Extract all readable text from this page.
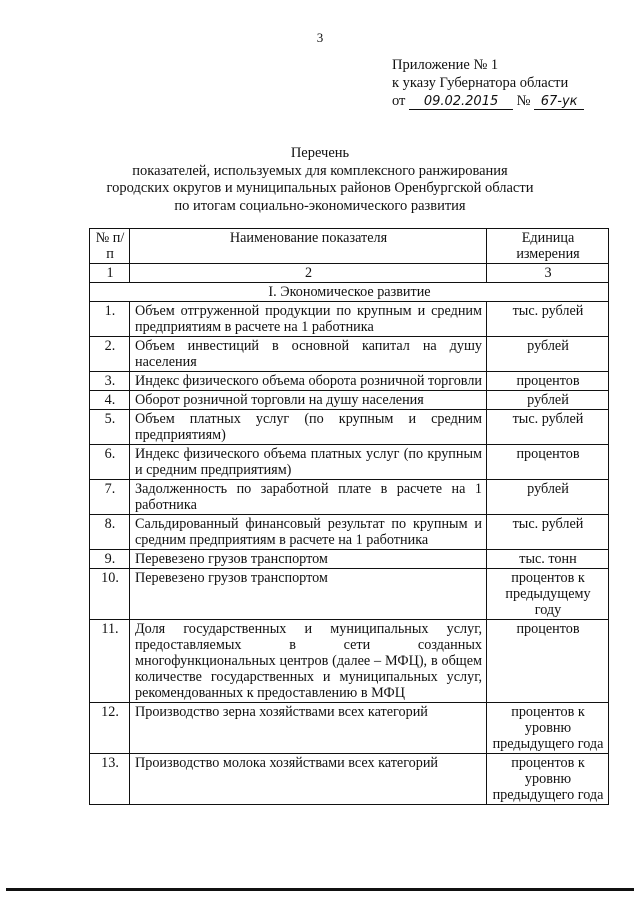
3
Приложение № 1
к указу Губернатора области
от 09.02.2015 № 67-ук
Перечень
показателей, используемых для комплексного ранжирования
городских округов и муниципальных районов Оренбургской области
по итогам социально-экономического развития
№ п/п	Наименование показателя	Единица измерения
1	2	3
I. Экономическое развитие		
1.	Объем отгруженной продукции по крупным и средним предприятиям в расчете на 1 работника	тыс. рублей
2.	Объем инвестиций в основной капитал на душу населения	рублей
3.	Индекс физического объема оборота розничной торговли	процентов
4.	Оборот розничной торговли на душу населения	рублей
5.	Объем платных услуг (по крупным и средним предприятиям)	тыс. рублей
6.	Индекс физического объема платных услуг (по крупным и средним предприятиям)	процентов
7.	Задолженность по заработной плате в расчете на 1 работника	рублей
8.	Сальдированный финансовый результат по крупным и средним предприятиям в расчете на 1 работника	тыс. рублей
9.	Перевезено грузов транспортом	тыс. тонн
10.	Перевезено грузов транспортом	процентов к предыдущему году
11.	Доля государственных и муниципальных услуг, предоставляемых в сети созданных многофункциональных центров (далее – МФЦ), в общем количестве государственных и муниципальных услуг, рекомендованных к предоставлению в МФЦ	процентов
12.	Производство зерна хозяйствами всех категорий	процентов к уровню предыдущего года
13.	Производство молока хозяйствами всех категорий	процентов к уровню предыдущего года
